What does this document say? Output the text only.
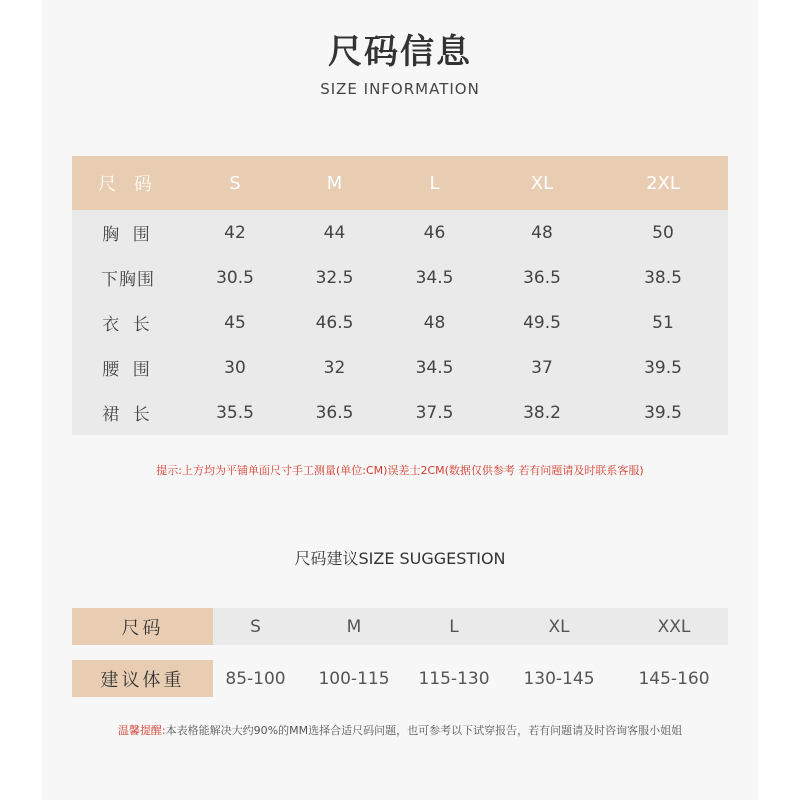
尺码信息
SIZE INFORMATION
尺 码	S	M	L	XL	2XL
胸 围	42	44	46	48	50
下胸围	30.5	32.5	34.5	36.5	38.5
衣 长	45	46.5	48	49.5	51
腰 围	30	32	34.5	37	39.5
裙 长	35.5	36.5	37.5	38.2	39.5
提示:上方均为平铺单面尺寸手工测量(单位:CM)误差士2CM(数据仅供参考 若有问题请及时联系客服)
尺码建议SIZE SUGGESTION
尺码	S	M	L	XL	XXL

建议体重	85-100	100-115	115-130	130-145	145-160
温馨提醒:本表格能解决大约90%的MM选择合适尺码问题，也可参考以下试穿报告，若有问题请及时咨询客服小姐姐
